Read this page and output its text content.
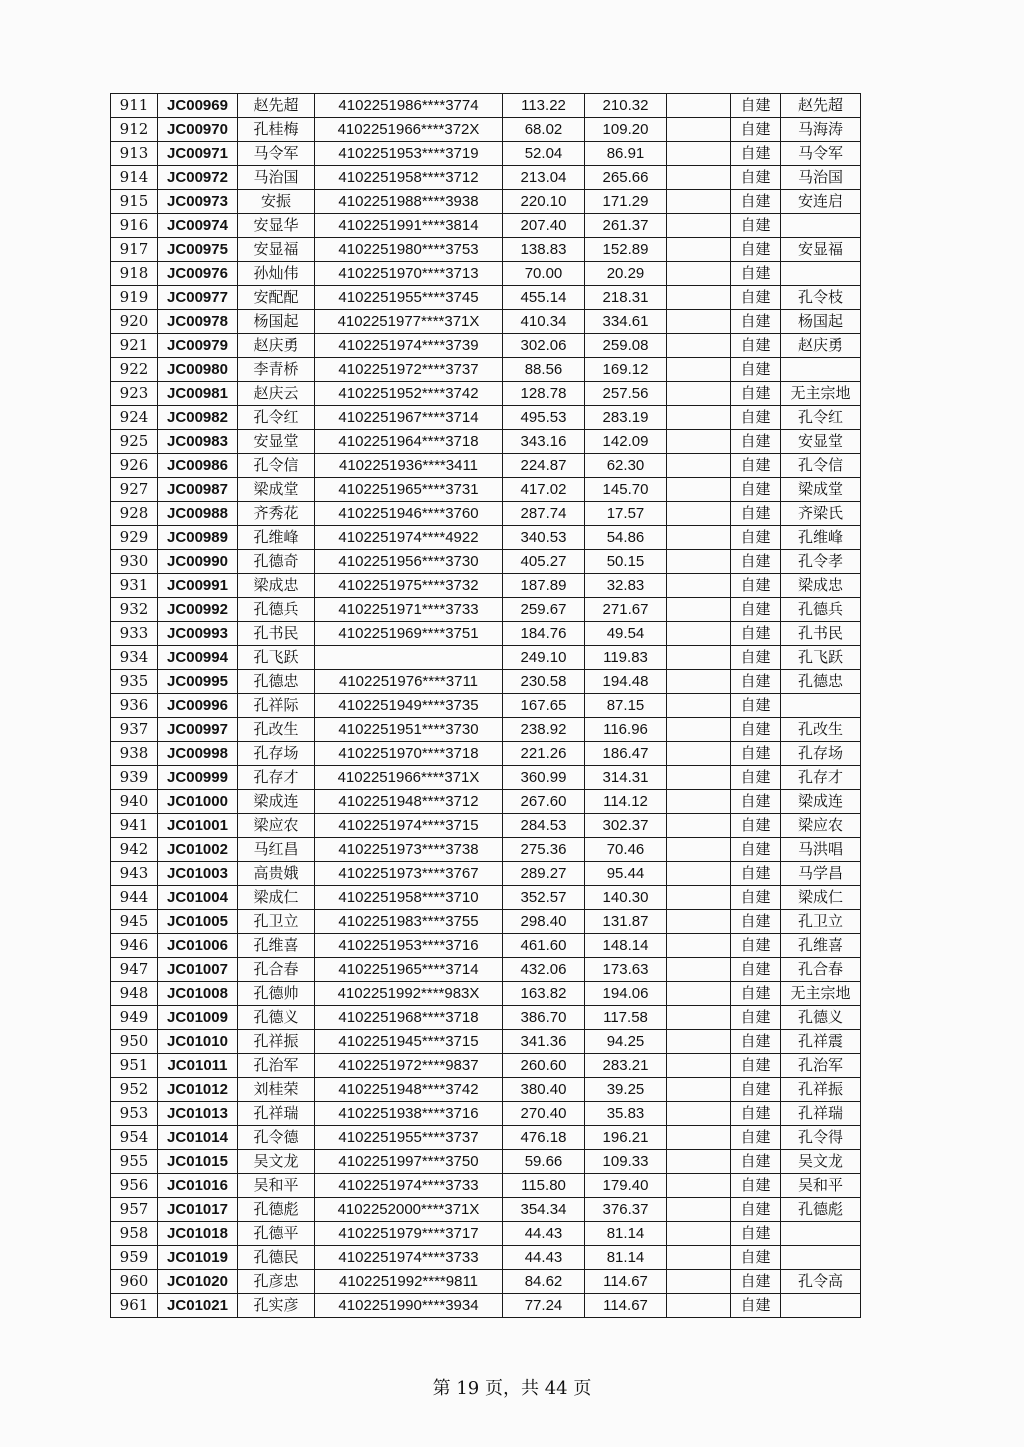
911	JC00969	赵先超	4102251986****3774	113.22	210.32		自建	赵先超
912	JC00970	孔桂梅	4102251966****372X	68.02	109.20		自建	马海涛
913	JC00971	马令军	4102251953****3719	52.04	86.91		自建	马令军
914	JC00972	马治国	4102251958****3712	213.04	265.66		自建	马治国
915	JC00973	安振	4102251988****3938	220.10	171.29		自建	安连启
916	JC00974	安显华	4102251991****3814	207.40	261.37		自建	
917	JC00975	安显福	4102251980****3753	138.83	152.89		自建	安显福
918	JC00976	孙灿伟	4102251970****3713	70.00	20.29		自建	
919	JC00977	安配配	4102251955****3745	455.14	218.31		自建	孔令枝
920	JC00978	杨国起	4102251977****371X	410.34	334.61		自建	杨国起
921	JC00979	赵庆勇	4102251974****3739	302.06	259.08		自建	赵庆勇
922	JC00980	李青桥	4102251972****3737	88.56	169.12		自建	
923	JC00981	赵庆云	4102251952****3742	128.78	257.56		自建	无主宗地
924	JC00982	孔令红	4102251967****3714	495.53	283.19		自建	孔令红
925	JC00983	安显堂	4102251964****3718	343.16	142.09		自建	安显堂
926	JC00986	孔令信	4102251936****3411	224.87	62.30		自建	孔令信
927	JC00987	梁成堂	4102251965****3731	417.02	145.70		自建	梁成堂
928	JC00988	齐秀花	4102251946****3760	287.74	17.57		自建	齐梁氏
929	JC00989	孔维峰	4102251974****4922	340.53	54.86		自建	孔维峰
930	JC00990	孔德奇	4102251956****3730	405.27	50.15		自建	孔令孝
931	JC00991	梁成忠	4102251975****3732	187.89	32.83		自建	梁成忠
932	JC00992	孔德兵	4102251971****3733	259.67	271.67		自建	孔德兵
933	JC00993	孔书民	4102251969****3751	184.76	49.54		自建	孔书民
934	JC00994	孔飞跃		249.10	119.83		自建	孔飞跃
935	JC00995	孔德忠	4102251976****3711	230.58	194.48		自建	孔德忠
936	JC00996	孔祥际	4102251949****3735	167.65	87.15		自建	
937	JC00997	孔改生	4102251951****3730	238.92	116.96		自建	孔改生
938	JC00998	孔存场	4102251970****3718	221.26	186.47		自建	孔存场
939	JC00999	孔存才	4102251966****371X	360.99	314.31		自建	孔存才
940	JC01000	梁成连	4102251948****3712	267.60	114.12		自建	梁成连
941	JC01001	梁应农	4102251974****3715	284.53	302.37		自建	梁应农
942	JC01002	马红昌	4102251973****3738	275.36	70.46		自建	马洪唱
943	JC01003	高贵娥	4102251973****3767	289.27	95.44		自建	马学昌
944	JC01004	梁成仁	4102251958****3710	352.57	140.30		自建	梁成仁
945	JC01005	孔卫立	4102251983****3755	298.40	131.87		自建	孔卫立
946	JC01006	孔维喜	4102251953****3716	461.60	148.14		自建	孔维喜
947	JC01007	孔合春	4102251965****3714	432.06	173.63		自建	孔合春
948	JC01008	孔德帅	4102251992****983X	163.82	194.06		自建	无主宗地
949	JC01009	孔德义	4102251968****3718	386.70	117.58		自建	孔德义
950	JC01010	孔祥振	4102251945****3715	341.36	94.25		自建	孔祥震
951	JC01011	孔治军	4102251972****9837	260.60	283.21		自建	孔治军
952	JC01012	刘桂荣	4102251948****3742	380.40	39.25		自建	孔祥振
953	JC01013	孔祥瑞	4102251938****3716	270.40	35.83		自建	孔祥瑞
954	JC01014	孔令德	4102251955****3737	476.18	196.21		自建	孔令得
955	JC01015	吴文龙	4102251997****3750	59.66	109.33		自建	吴文龙
956	JC01016	吴和平	4102251974****3733	115.80	179.40		自建	吴和平
957	JC01017	孔德彪	4102252000****371X	354.34	376.37		自建	孔德彪
958	JC01018	孔德平	4102251979****3717	44.43	81.14		自建	
959	JC01019	孔德民	4102251974****3733	44.43	81.14		自建	
960	JC01020	孔彦忠	4102251992****9811	84.62	114.67		自建	孔令高
961	JC01021	孔实彦	4102251990****3934	77.24	114.67		自建	
第 19 页，共 44 页
